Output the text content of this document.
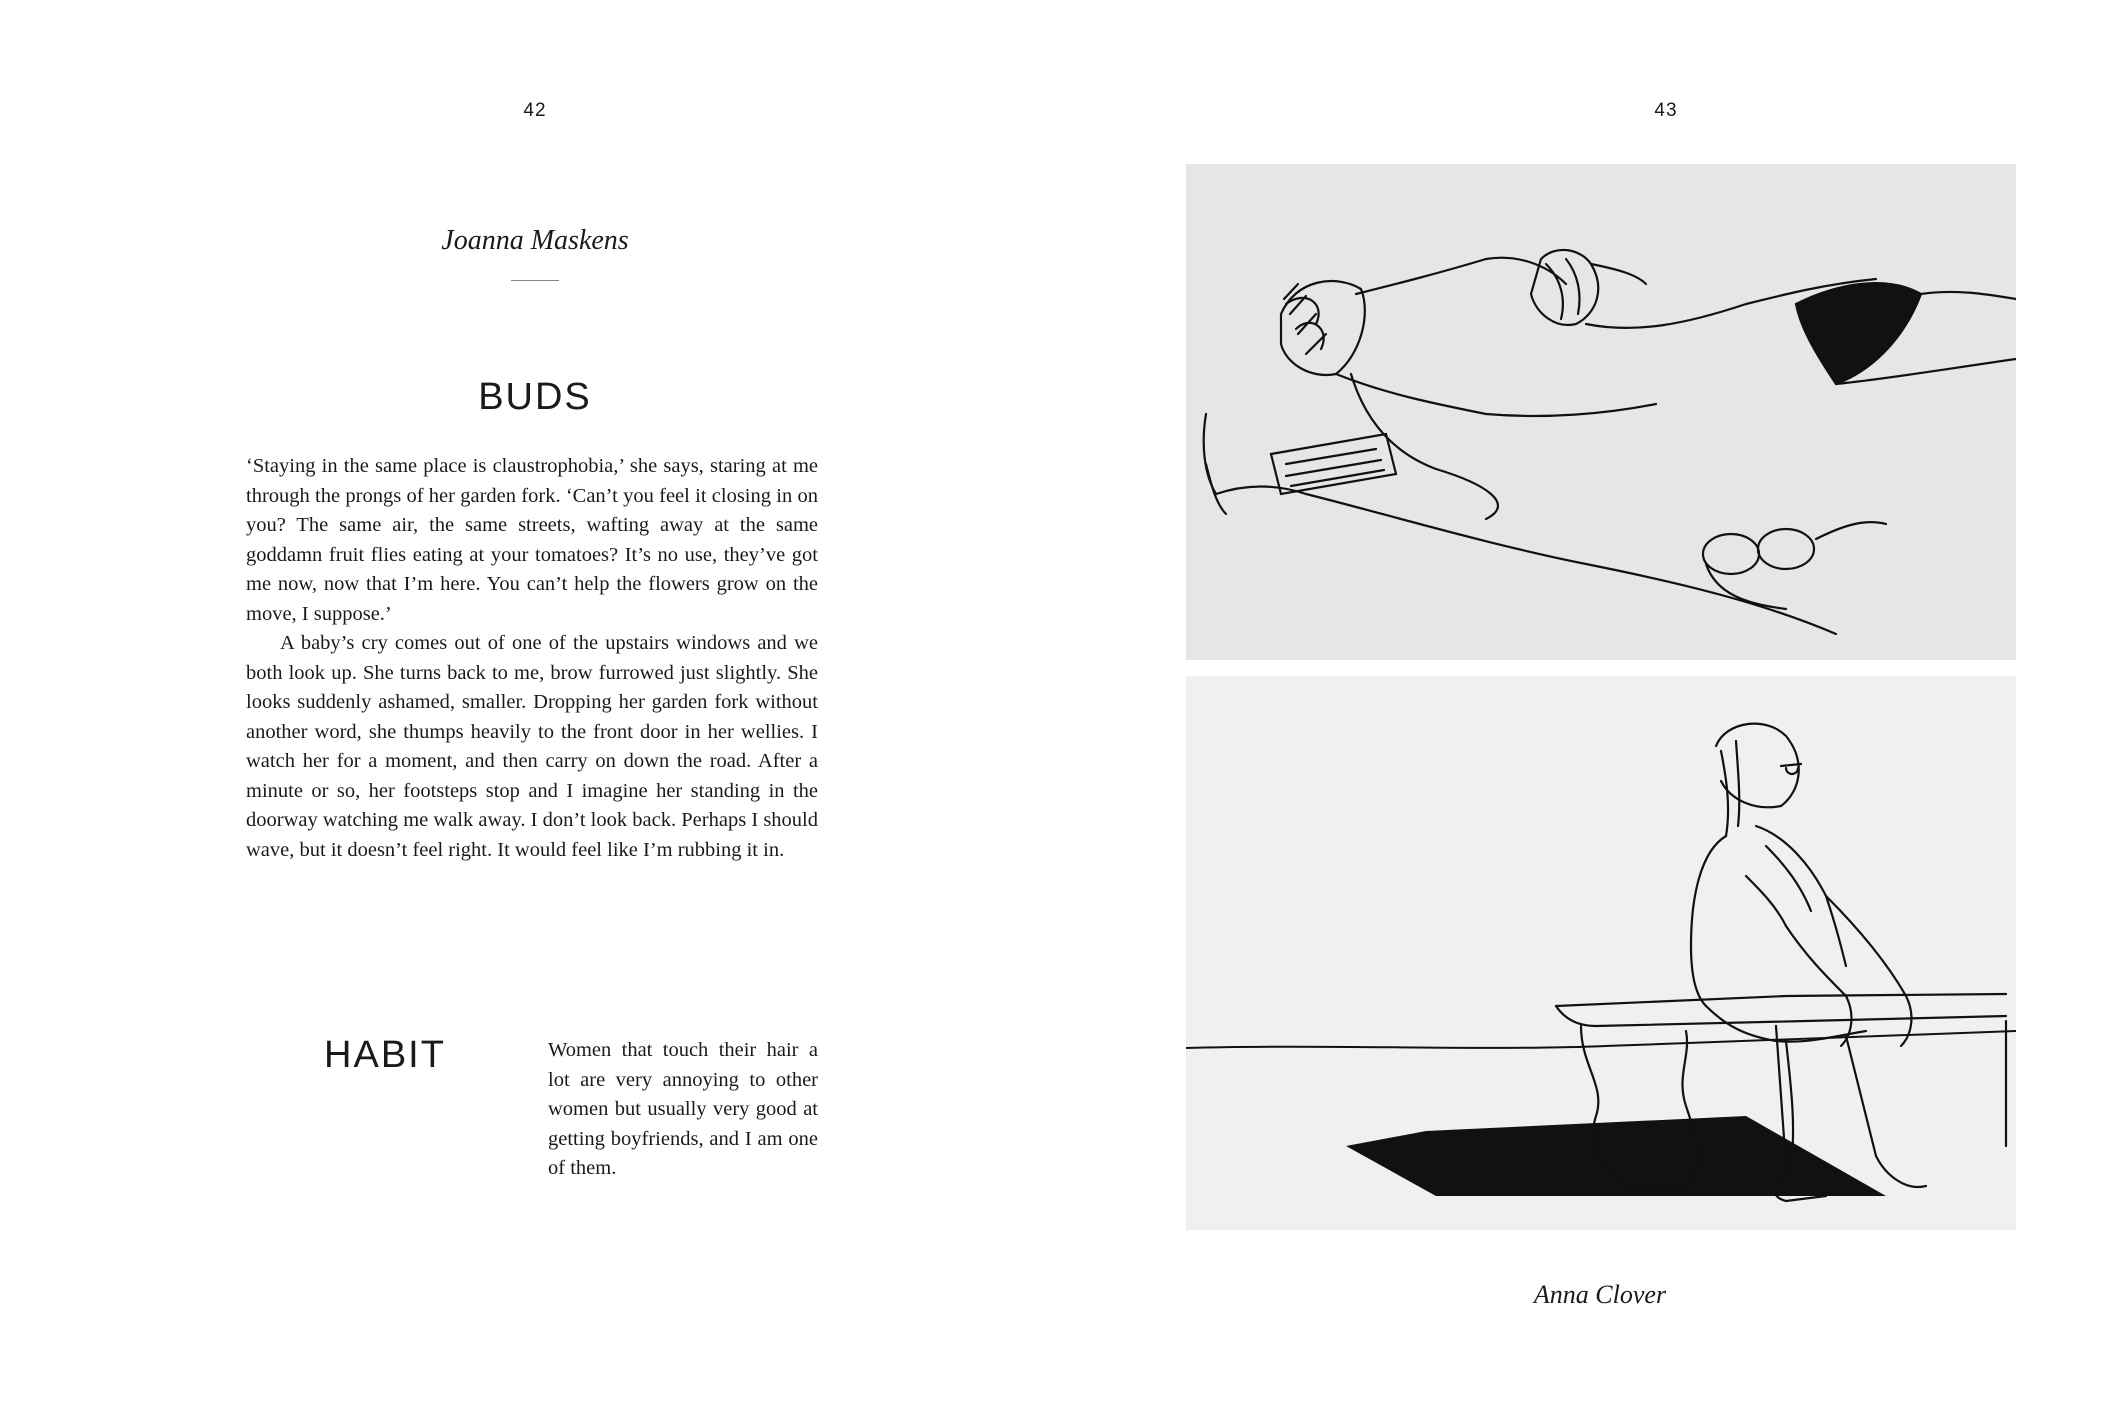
42
Joanna Maskens
BUDS

‘Staying in the same place is claustrophobia,’ she says, staring at me through the prongs of her garden fork. ‘Can’t you feel it closing in on you? The same air, the same streets, wafting away at the same goddamn fruit flies eating at your tomatoes? It’s no use, they’ve got me now, now that I’m here. You can’t help the flowers grow on the move, I suppose.’

A baby’s cry comes out of one of the upstairs windows and we both look up. She turns back to me, brow furrowed just slightly. She looks suddenly ashamed, smaller. Dropping her garden fork without another word, she thumps heavily to the front door in her wellies. I watch her for a moment, and then carry on down the road. After a minute or so, her footsteps stop and I imagine her standing in the doorway watching me walk away. I don’t look back. Perhaps I should wave, but it doesn’t feel right. It would feel like I’m rubbing it in.

HABIT	Women that touch their hair a lot are very annoying to other women but usually very good at getting boyfriends, and I am one of them.

43
Anna Clover
